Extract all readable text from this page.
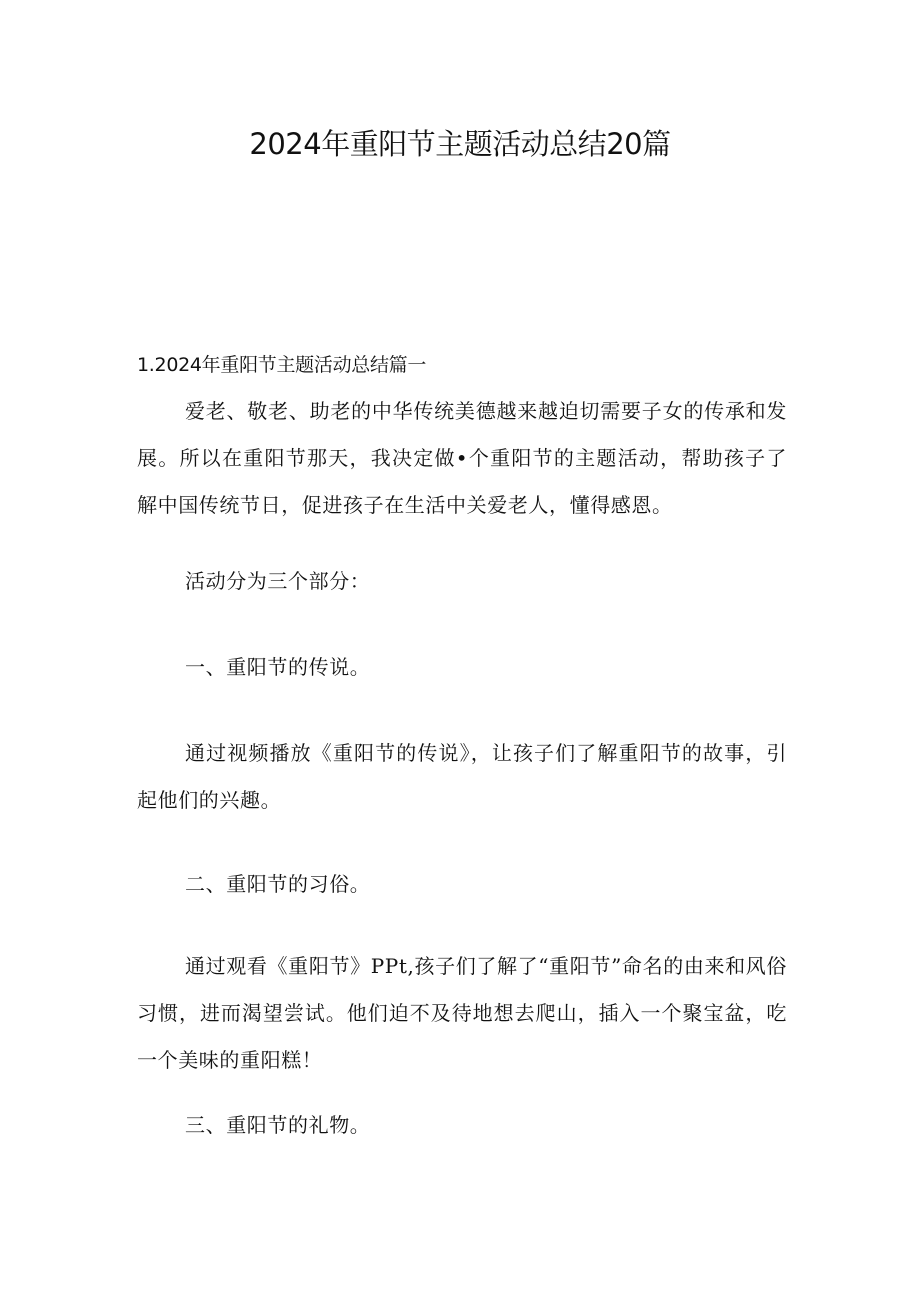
2024年重阳节主题活动总结20篇
1.2024年重阳节主题活动总结篇一

爱老、敬老、助老的中华传统美德越来越迫切需要子女的传承和发展。所以在重阳节那天，我决定做•个重阳节的主题活动，帮助孩子了解中国传统节日，促进孩子在生活中关爱老人，懂得感恩。

活动分为三个部分：

一、重阳节的传说。

通过视频播放《重阳节的传说》，让孩子们了解重阳节的故事，引起他们的兴趣。

二、重阳节的习俗。

通过观看《重阳节》PPt,孩子们了解了“重阳节”命名的由来和风俗习惯，进而渴望尝试。他们迫不及待地想去爬山，插入一个聚宝盆，吃一个美味的重阳糕！

三、重阳节的礼物。
